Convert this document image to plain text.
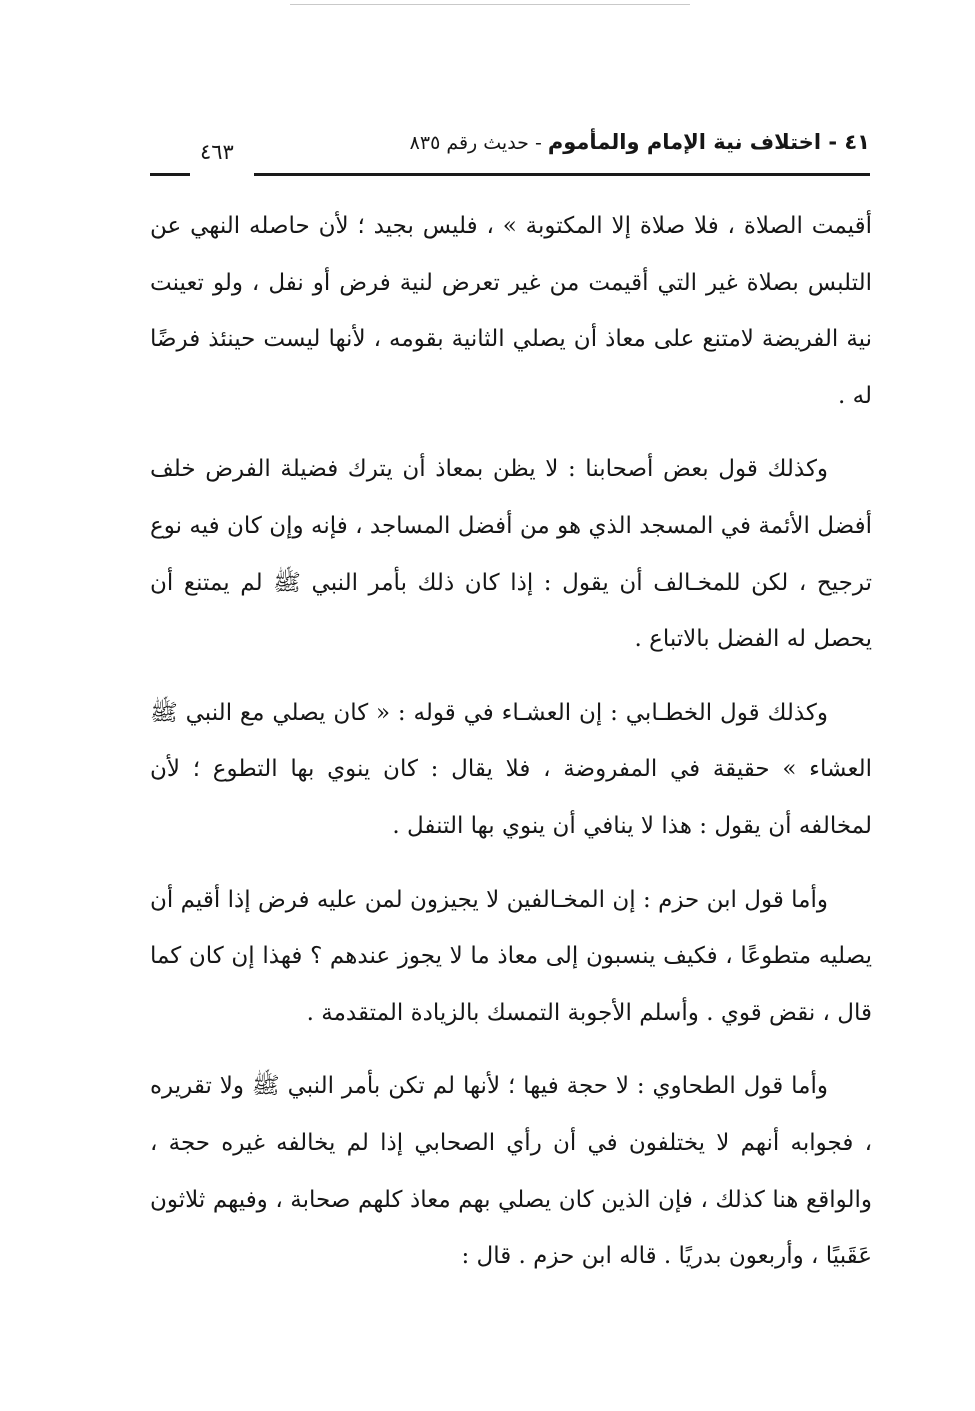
٤١ - اختلاف نية الإمام والمأموم - حديث رقم ٨٣٥
٤٦٣

أقيمت الصلاة ، فلا صلاة إلا المكتوبة » ، فليس بجيد ؛ لأن حاصله النهي عن التلبس بصلاة غير التي أقيمت من غير تعرض لنية فرض أو نفل ، ولو تعينت نية الفريضة لامتنع على معاذ أن يصلي الثانية بقومه ، لأنها ليست حينئذ فرضًا له .

وكذلك قول بعض أصحابنا : لا يظن بمعاذ أن يترك فضيلة الفرض خلف أفضل الأئمة في المسجد الذي هو من أفضل المساجد ، فإنه وإن كان فيه نوع ترجيح ، لكن للمخـالف أن يقول : إذا كان ذلك بأمر النبي ﷺ لم يمتنع أن يحصل له الفضل بالاتباع .

وكذلك قول الخطـابي : إن العشـاء في قوله : « كان يصلي مع النبي ﷺ العشاء » حقيقة في المفروضة ، فلا يقال : كان ينوي بها التطوع ؛ لأن لمخالفه أن يقول : هذا لا ينافي أن ينوي بها التنفل .

وأما قول ابن حزم : إن المخـالفين لا يجيزون لمن عليه فرض إذا أقيم أن يصليه متطوعًا ، فكيف ينسبون إلى معاذ ما لا يجوز عندهم ؟ فهذا إن كان كما قال ، نقض قوي . وأسلم الأجوبة التمسك بالزيادة المتقدمة .

وأما قول الطحاوي : لا حجة فيها ؛ لأنها لم تكن بأمر النبي ﷺ ولا تقريره ، فجوابه أنهم لا يختلفون في أن رأي الصحابي إذا لم يخالفه غيره حجة ، والواقع هنا كذلك ، فإن الذين كان يصلي بهم معاذ كلهم صحابة ، وفيهم ثلاثون عَقَبيًا ، وأربعون بدريًا . قاله ابن حزم . قال :
